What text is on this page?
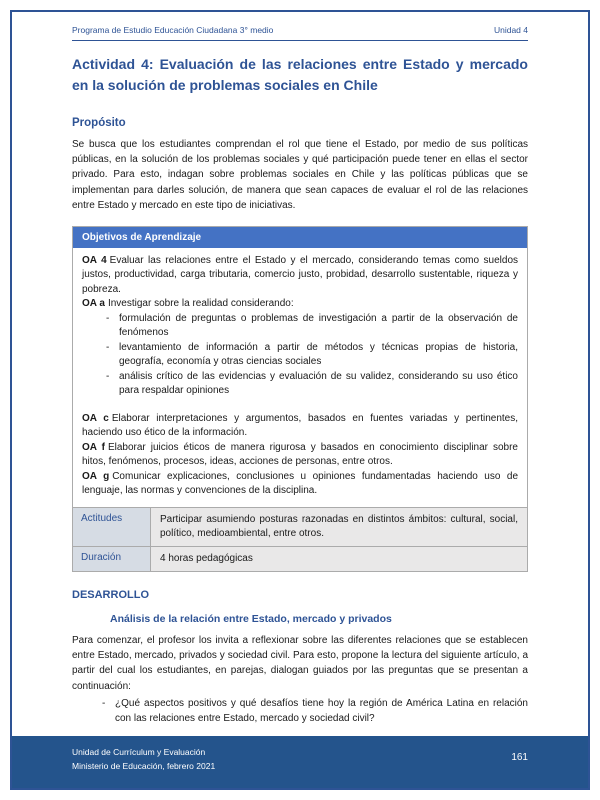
Programa de Estudio Educación Ciudadana 3° medio	Unidad 4
Actividad 4: Evaluación de las relaciones entre Estado y mercado en la solución de problemas sociales en Chile
Propósito
Se busca que los estudiantes comprendan el rol que tiene el Estado, por medio de sus políticas públicas, en la solución de los problemas sociales y qué participación puede tener en ellas el sector privado. Para esto, indagan sobre problemas sociales en Chile y las políticas públicas que se implementan para darles solución, de manera que sean capaces de evaluar el rol de las relaciones entre Estado y mercado en este tipo de iniciativas.
Objetivos de Aprendizaje

OA 4 Evaluar las relaciones entre el Estado y el mercado, considerando temas como sueldos justos, productividad, carga tributaria, comercio justo, probidad, desarrollo sustentable, riqueza y pobreza.

OA a Investigar sobre la realidad considerando:

- formulación de preguntas o problemas de investigación a partir de la observación de fenómenos
- levantamiento de información a partir de métodos y técnicas propias de historia, geografía, economía y otras ciencias sociales
- análisis crítico de las evidencias y evaluación de su validez, considerando su uso ético para respaldar opiniones

OA c Elaborar interpretaciones y argumentos, basados en fuentes variadas y pertinentes, haciendo uso ético de la información.

OA f Elaborar juicios éticos de manera rigurosa y basados en conocimiento disciplinar sobre hitos, fenómenos, procesos, ideas, acciones de personas, entre otros.

OA g Comunicar explicaciones, conclusiones u opiniones fundamentadas haciendo uso de lenguaje, las normas y convenciones de la disciplina.

Actitudes	Participar asumiendo posturas razonadas en distintos ámbitos: cultural, social, político, medioambiental, entre otros.
Duración	4 horas pedagógicas
DESARROLLO
Análisis de la relación entre Estado, mercado y privados
Para comenzar, el profesor los invita a reflexionar sobre las diferentes relaciones que se establecen entre Estado, mercado, privados y sociedad civil. Para esto, propone la lectura del siguiente artículo, a partir del cual los estudiantes, en parejas, dialogan guiados por las preguntas que se presentan a continuación:
- ¿Qué aspectos positivos y qué desafíos tiene hoy la región de América Latina en relación con las relaciones entre Estado, mercado y sociedad civil?
Unidad de Currículum y Evaluación
Ministerio de Educación, febrero 2021
161
